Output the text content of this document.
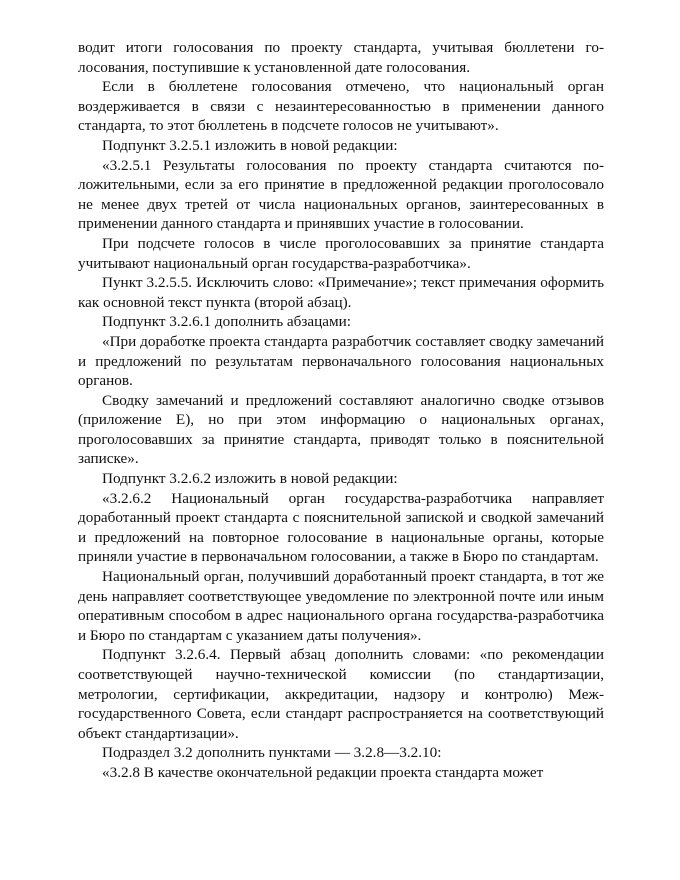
водит итоги голосования по проекту стандарта, учитывая бюллетени голосования, поступившие к установленной дате голосования.

Если в бюллетене голосования отмечено, что национальный орган воздерживается в связи с незаинтересованностью в применении данного стандарта, то этот бюллетень в подсчете голосов не учитывают».

Подпункт 3.2.5.1 изложить в новой редакции:

«3.2.5.1 Результаты голосования по проекту стандарта считаются положительными, если за его принятие в предложенной редакции проголосовало не менее двух третей от числа национальных органов, заинтересованных в применении данного стандарта и принявших участие в голосовании.

При подсчете голосов в числе проголосовавших за принятие стандарта учитывают национальный орган государства-разработчика».

Пункт 3.2.5.5. Исключить слово: «Примечание»; текст примечания оформить как основной текст пункта (второй абзац).

Подпункт 3.2.6.1 дополнить абзацами:

«При доработке проекта стандарта разработчик составляет сводку замечаний и предложений по результатам первоначального голосования национальных органов.

Сводку замечаний и предложений составляют аналогично сводке отзывов (приложение Е), но при этом информацию о национальных органах, проголосовавших за принятие стандарта, приводят только в пояснительной записке».

Подпункт 3.2.6.2 изложить в новой редакции:

«3.2.6.2 Национальный орган государства-разработчика направляет доработанный проект стандарта с пояснительной запиской и сводкой замечаний и предложений на повторное голосование в национальные органы, которые приняли участие в первоначальном голосовании, а также в Бюро по стандартам.

Национальный орган, получивший доработанный проект стандарта, в тот же день направляет соответствующее уведомление по электронной почте или иным оперативным способом в адрес национального органа государства-разработчика и Бюро по стандартам с указанием даты получения».

Подпункт 3.2.6.4. Первый абзац дополнить словами: «по рекомендации соответствующей научно-технической комиссии (по стандартизации, метрологии, сертификации, аккредитации, надзору и контролю) Межгосударственного Совета, если стандарт распространяется на соответствующий объект стандартизации».

Подраздел 3.2 дополнить пунктами — 3.2.8—3.2.10:

«3.2.8 В качестве окончательной редакции проекта стандарта может
